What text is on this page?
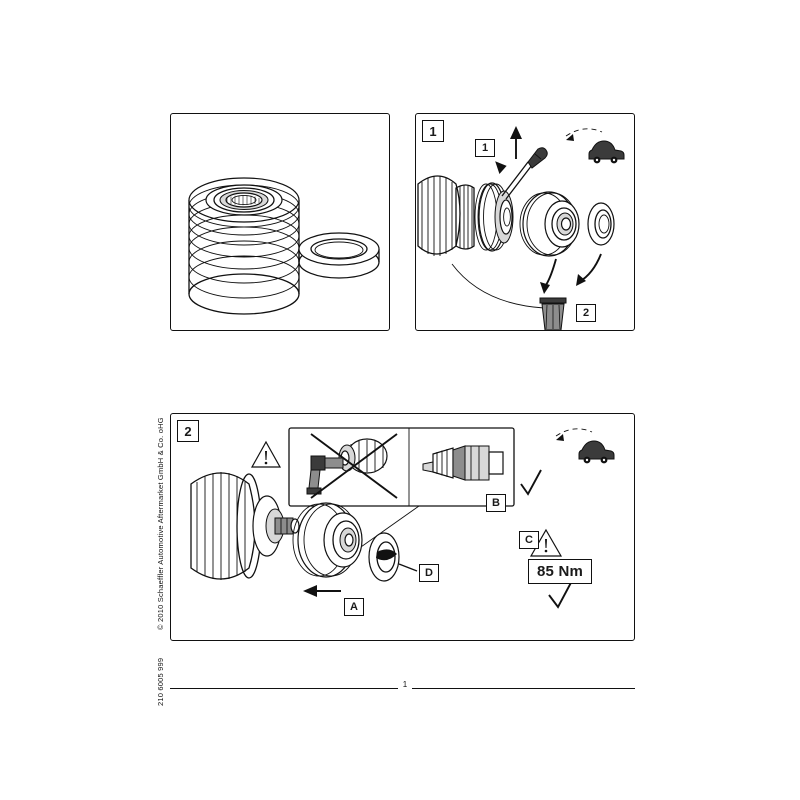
1
1
2
2
A
B
C
D	85 Nm
© 2010 Schaeffler Automotive Aftermarket GmbH & Co. oHG
210 6005 999	1
